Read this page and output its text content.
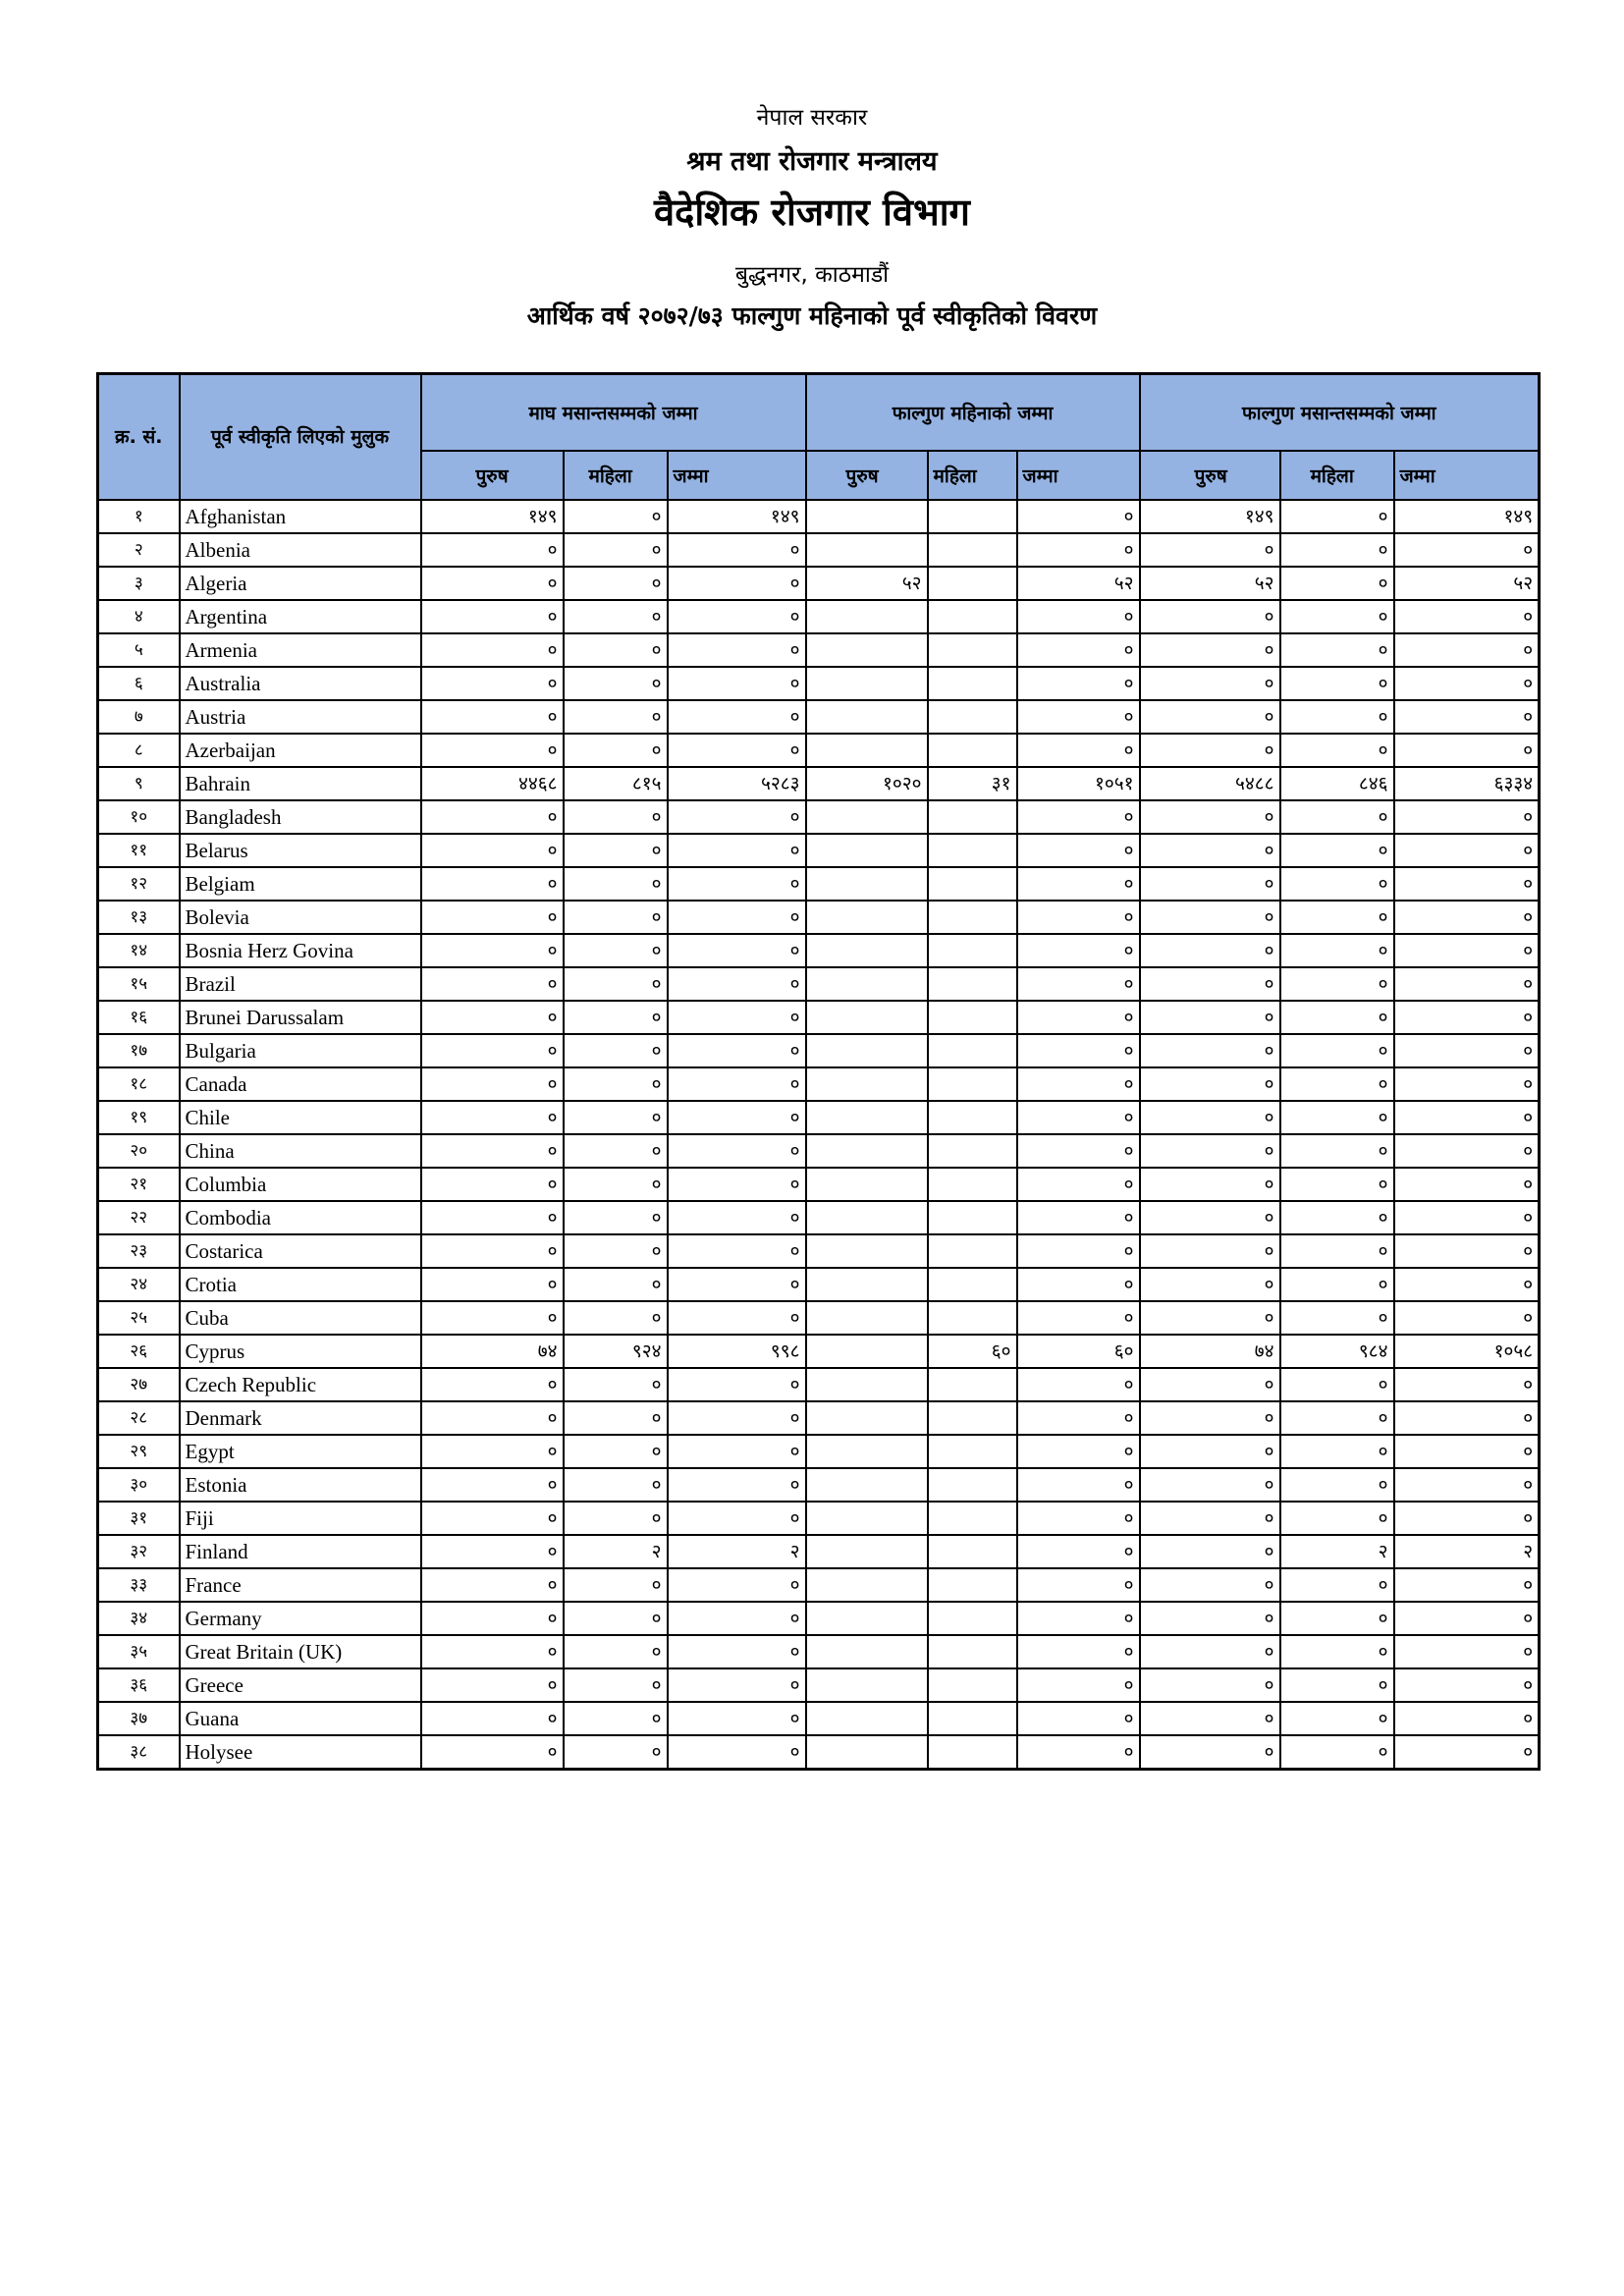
नेपाल सरकार
श्रम तथा रोजगार मन्त्रालय
वैदेशिक रोजगार विभाग
बुद्धनगर, काठमाडौं
आर्थिक वर्ष २०७२/७३ फाल्गुण महिनाको पूर्व स्वीकृतिको विवरण
क्र. सं.	पूर्व स्वीकृति लिएको मुलुक	माघ मसान्तसम्मको जम्मा			फाल्गुण महिनाको जम्मा			फाल्गुण मसान्तसम्मको जम्मा		
		पुरुष	महिला	जम्मा	पुरुष	महिला	जम्मा	पुरुष	महिला	जम्मा
१	Afghanistan	१४९	०	१४९			०	१४९	०	१४९
२	Albenia	०	०	०			०	०	०	०
३	Algeria	०	०	०	५२		५२	५२	०	५२
४	Argentina	०	०	०			०	०	०	०
५	Armenia	०	०	०			०	०	०	०
६	Australia	०	०	०			०	०	०	०
७	Austria	०	०	०			०	०	०	०
८	Azerbaijan	०	०	०			०	०	०	०
९	Bahrain	४४६८	८१५	५२८३	१०२०	३१	१०५१	५४८८	८४६	६३३४
१०	Bangladesh	०	०	०			०	०	०	०
११	Belarus	०	०	०			०	०	०	०
१२	Belgiam	०	०	०			०	०	०	०
१३	Bolevia	०	०	०			०	०	०	०
१४	Bosnia Herz Govina	०	०	०			०	०	०	०
१५	Brazil	०	०	०			०	०	०	०
१६	Brunei Darussalam	०	०	०			०	०	०	०
१७	Bulgaria	०	०	०			०	०	०	०
१८	Canada	०	०	०			०	०	०	०
१९	Chile	०	०	०			०	०	०	०
२०	China	०	०	०			०	०	०	०
२१	Columbia	०	०	०			०	०	०	०
२२	Combodia	०	०	०			०	०	०	०
२३	Costarica	०	०	०			०	०	०	०
२४	Crotia	०	०	०			०	०	०	०
२५	Cuba	०	०	०			०	०	०	०
२६	Cyprus	७४	९२४	९९८		६०	६०	७४	९८४	१०५८
२७	Czech Republic	०	०	०			०	०	०	०
२८	Denmark	०	०	०			०	०	०	०
२९	Egypt	०	०	०			०	०	०	०
३०	Estonia	०	०	०			०	०	०	०
३१	Fiji	०	०	०			०	०	०	०
३२	Finland	०	२	२			०	०	२	२
३३	France	०	०	०			०	०	०	०
३४	Germany	०	०	०			०	०	०	०
३५	Great Britain (UK)	०	०	०			०	०	०	०
३६	Greece	०	०	०			०	०	०	०
३७	Guana	०	०	०			०	०	०	०
३८	Holysee	०	०	०			०	०	०	०
